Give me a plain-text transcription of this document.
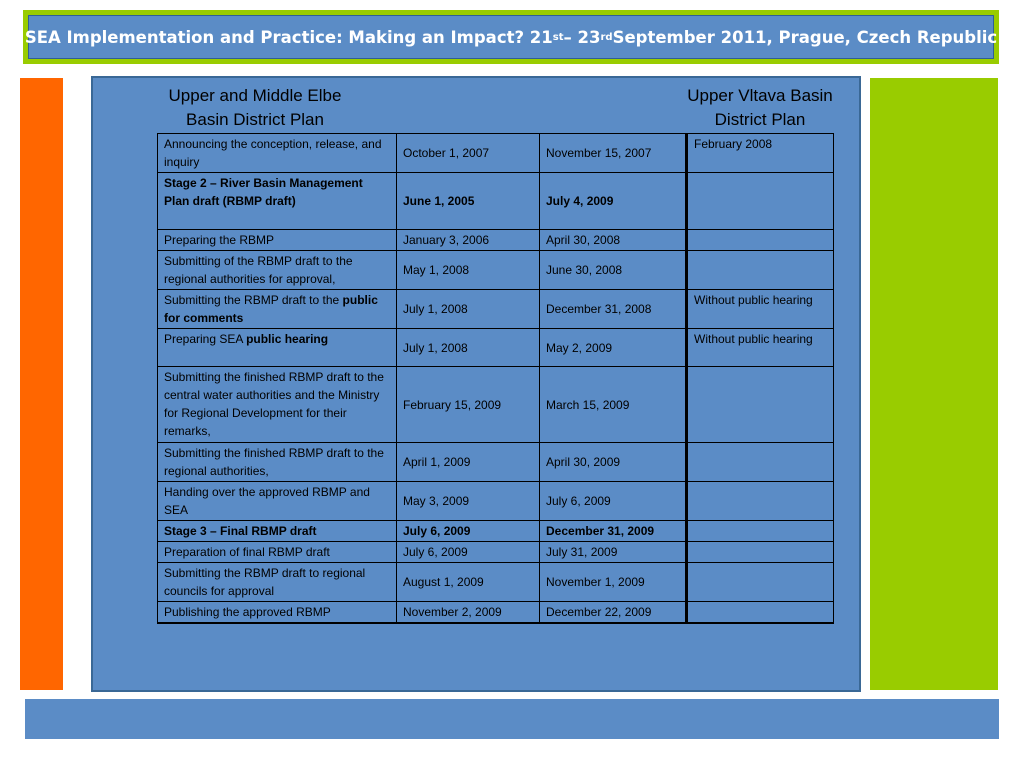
SEA Implementation and Practice: Making an Impact? 21 st – 23 rd September 2011, Prague, Czech Republic
Upper and Middle Elbe
Basin District Plan
Upper Vltava Basin
District Plan
Announcing the conception, release, and inquiry	October 1, 2007	November 15, 2007	February 2008
Stage 2 – River Basin Management Plan draft (RBMP draft)	June 1, 2005	July 4, 2009	
Preparing the RBMP	January 3, 2006	April 30, 2008	
Submitting of the RBMP draft to the regional authorities for approval,	May 1, 2008	June 30, 2008	
Submitting the RBMP draft to the public for comments	July 1, 2008	December 31, 2008	Without public hearing
Preparing SEA public hearing	July 1, 2008	May 2, 2009	Without public hearing
Submitting the finished RBMP draft to the central water authorities and the Ministry for Regional Development for their remarks,	February 15, 2009	March 15, 2009	
Submitting the finished RBMP draft to the regional authorities,	April 1, 2009	April 30, 2009	
Handing over the approved RBMP and SEA	May 3, 2009	July 6, 2009	
Stage 3 – Final RBMP draft	July 6, 2009	December 31, 2009	
Preparation of final RBMP draft	July 6, 2009	July 31, 2009	
Submitting the RBMP draft to regional councils for approval	August 1, 2009	November 1, 2009	
Publishing the approved RBMP	November 2, 2009	December 22, 2009	
